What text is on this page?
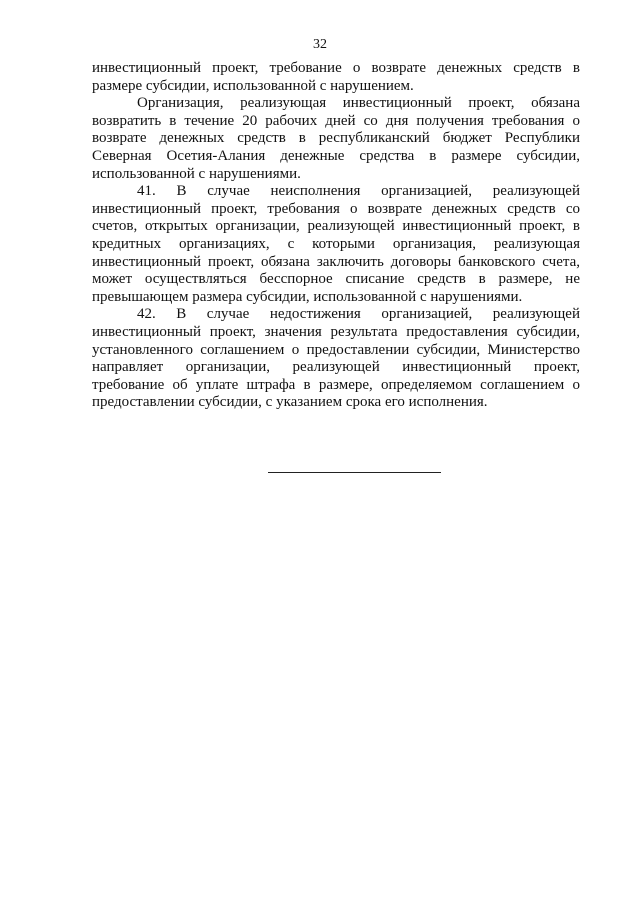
32

инвестиционный проект, требование о возврате денежных средств в размере субсидии, использованной с нарушением.

Организация, реализующая инвестиционный проект, обязана возвратить в течение 20 рабочих дней со дня получения требования о возврате денежных средств в республиканский бюджет Республики Северная Осетия-Алания денежные средства в размере субсидии, использованной с нарушениями.

41. В случае неисполнения организацией, реализующей инвестиционный проект, требования о возврате денежных средств со счетов, открытых организации, реализующей инвестиционный проект, в кредитных организациях, с которыми организация, реализующая инвестиционный проект, обязана заключить договоры банковского счета, может осуществляться бесспорное списание средств в размере, не превышающем размера субсидии, использованной с нарушениями.

42. В случае недостижения организацией, реализующей инвестиционный проект, значения результата предоставления субсидии, установленного соглашением о предоставлении субсидии, Министерство направляет организации, реализующей инвестиционный проект, требование об уплате штрафа в размере, определяемом соглашением о предоставлении субсидии, с указанием срока его исполнения.
